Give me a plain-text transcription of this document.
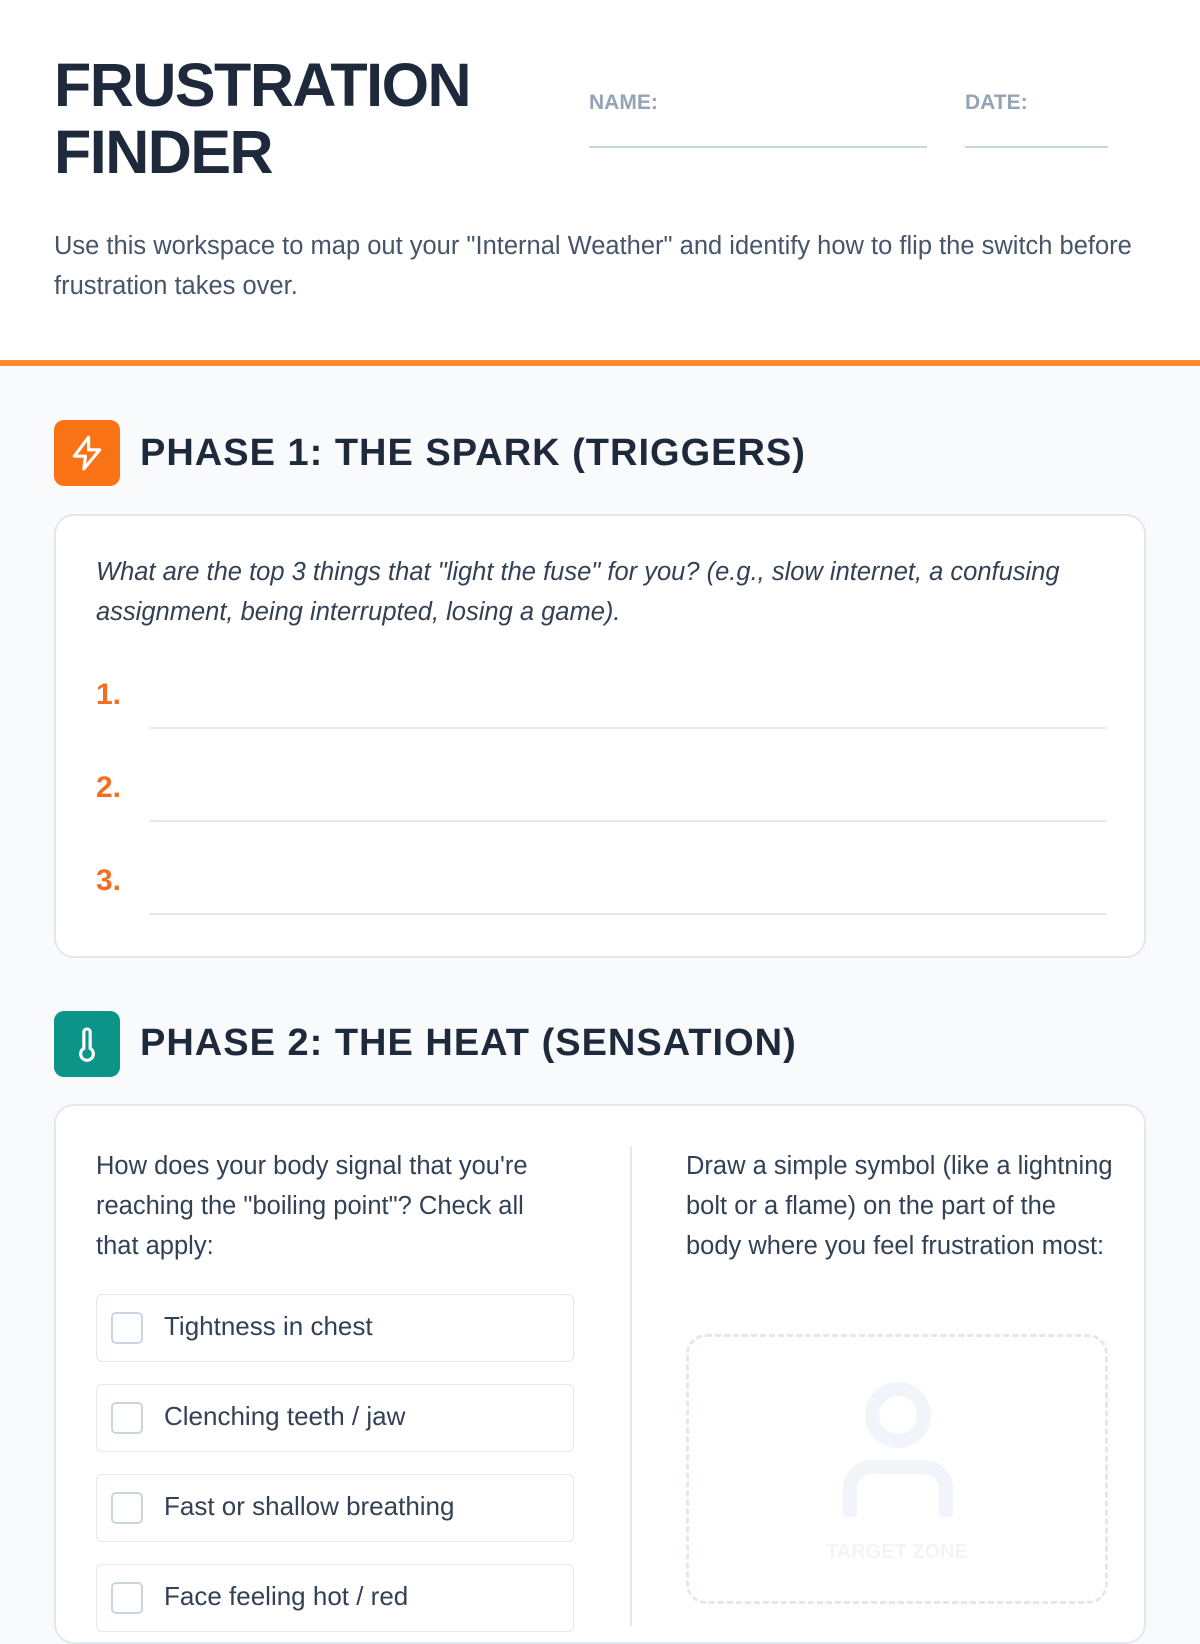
FRUSTRATION
FINDER
NAME:	DATE:

Use this workspace to map out your "Internal Weather" and identify how to flip the switch before frustration takes over.

PHASE 1: THE SPARK (TRIGGERS)

What are the top 3 things that "light the fuse" for you? (e.g., slow internet, a confusing assignment, being interrupted, losing a game).

1.
2.
3.
PHASE 2: THE HEAT (SENSATION)

How does your body signal that you're reaching the "boiling point"? Check all that apply:

Draw a simple symbol (like a lightning bolt or a flame) on the part of the body where you feel frustration most:

Tightness in chest
Clenching teeth / jaw
Fast or shallow breathing
Face feeling hot / red
TARGET ZONE
